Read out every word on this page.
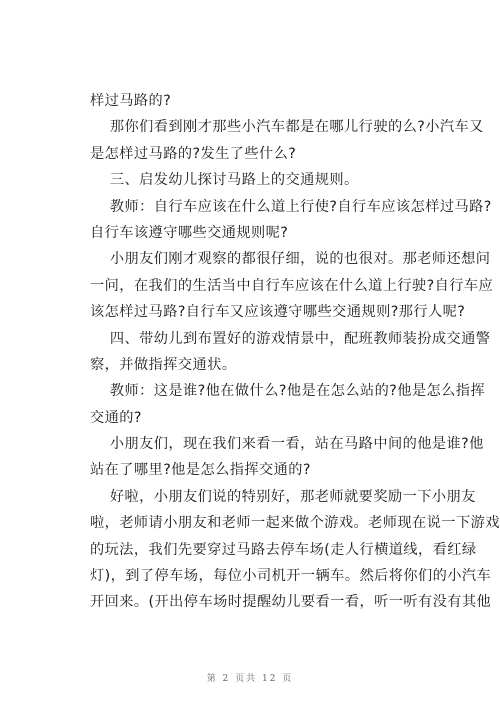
样过马路的?
那你们看到刚才那些小汽车都是在哪儿行驶的么?小汽车又
是怎样过马路的?发生了些什么?
三、启发幼儿探讨马路上的交通规则。
教师：自行车应该在什么道上行使?自行车应该怎样过马路?
自行车该遵守哪些交通规则呢?
小朋友们刚才观察的都很仔细，说的也很对。那老师还想问
一问，在我们的生活当中自行车应该在什么道上行驶?自行车应
该怎样过马路?自行车又应该遵守哪些交通规则?那行人呢?
四、带幼儿到布置好的游戏情景中，配班教师装扮成交通警
察，并做指挥交通状。
教师：这是谁?他在做什么?他是在怎么站的?他是怎么指挥
交通的?
小朋友们，现在我们来看一看，站在马路中间的他是谁?他
站在了哪里?他是怎么指挥交通的?
好啦，小朋友们说的特别好，那老师就要奖励一下小朋友
啦，老师请小朋友和老师一起来做个游戏。老师现在说一下游戏
的玩法，我们先要穿过马路去停车场(走人行横道线，看红绿
灯)，到了停车场，每位小司机开一辆车。然后将你们的小汽车
开回来。(开出停车场时提醒幼儿要看一看，听一听有没有其他
第 2 页共 12 页
